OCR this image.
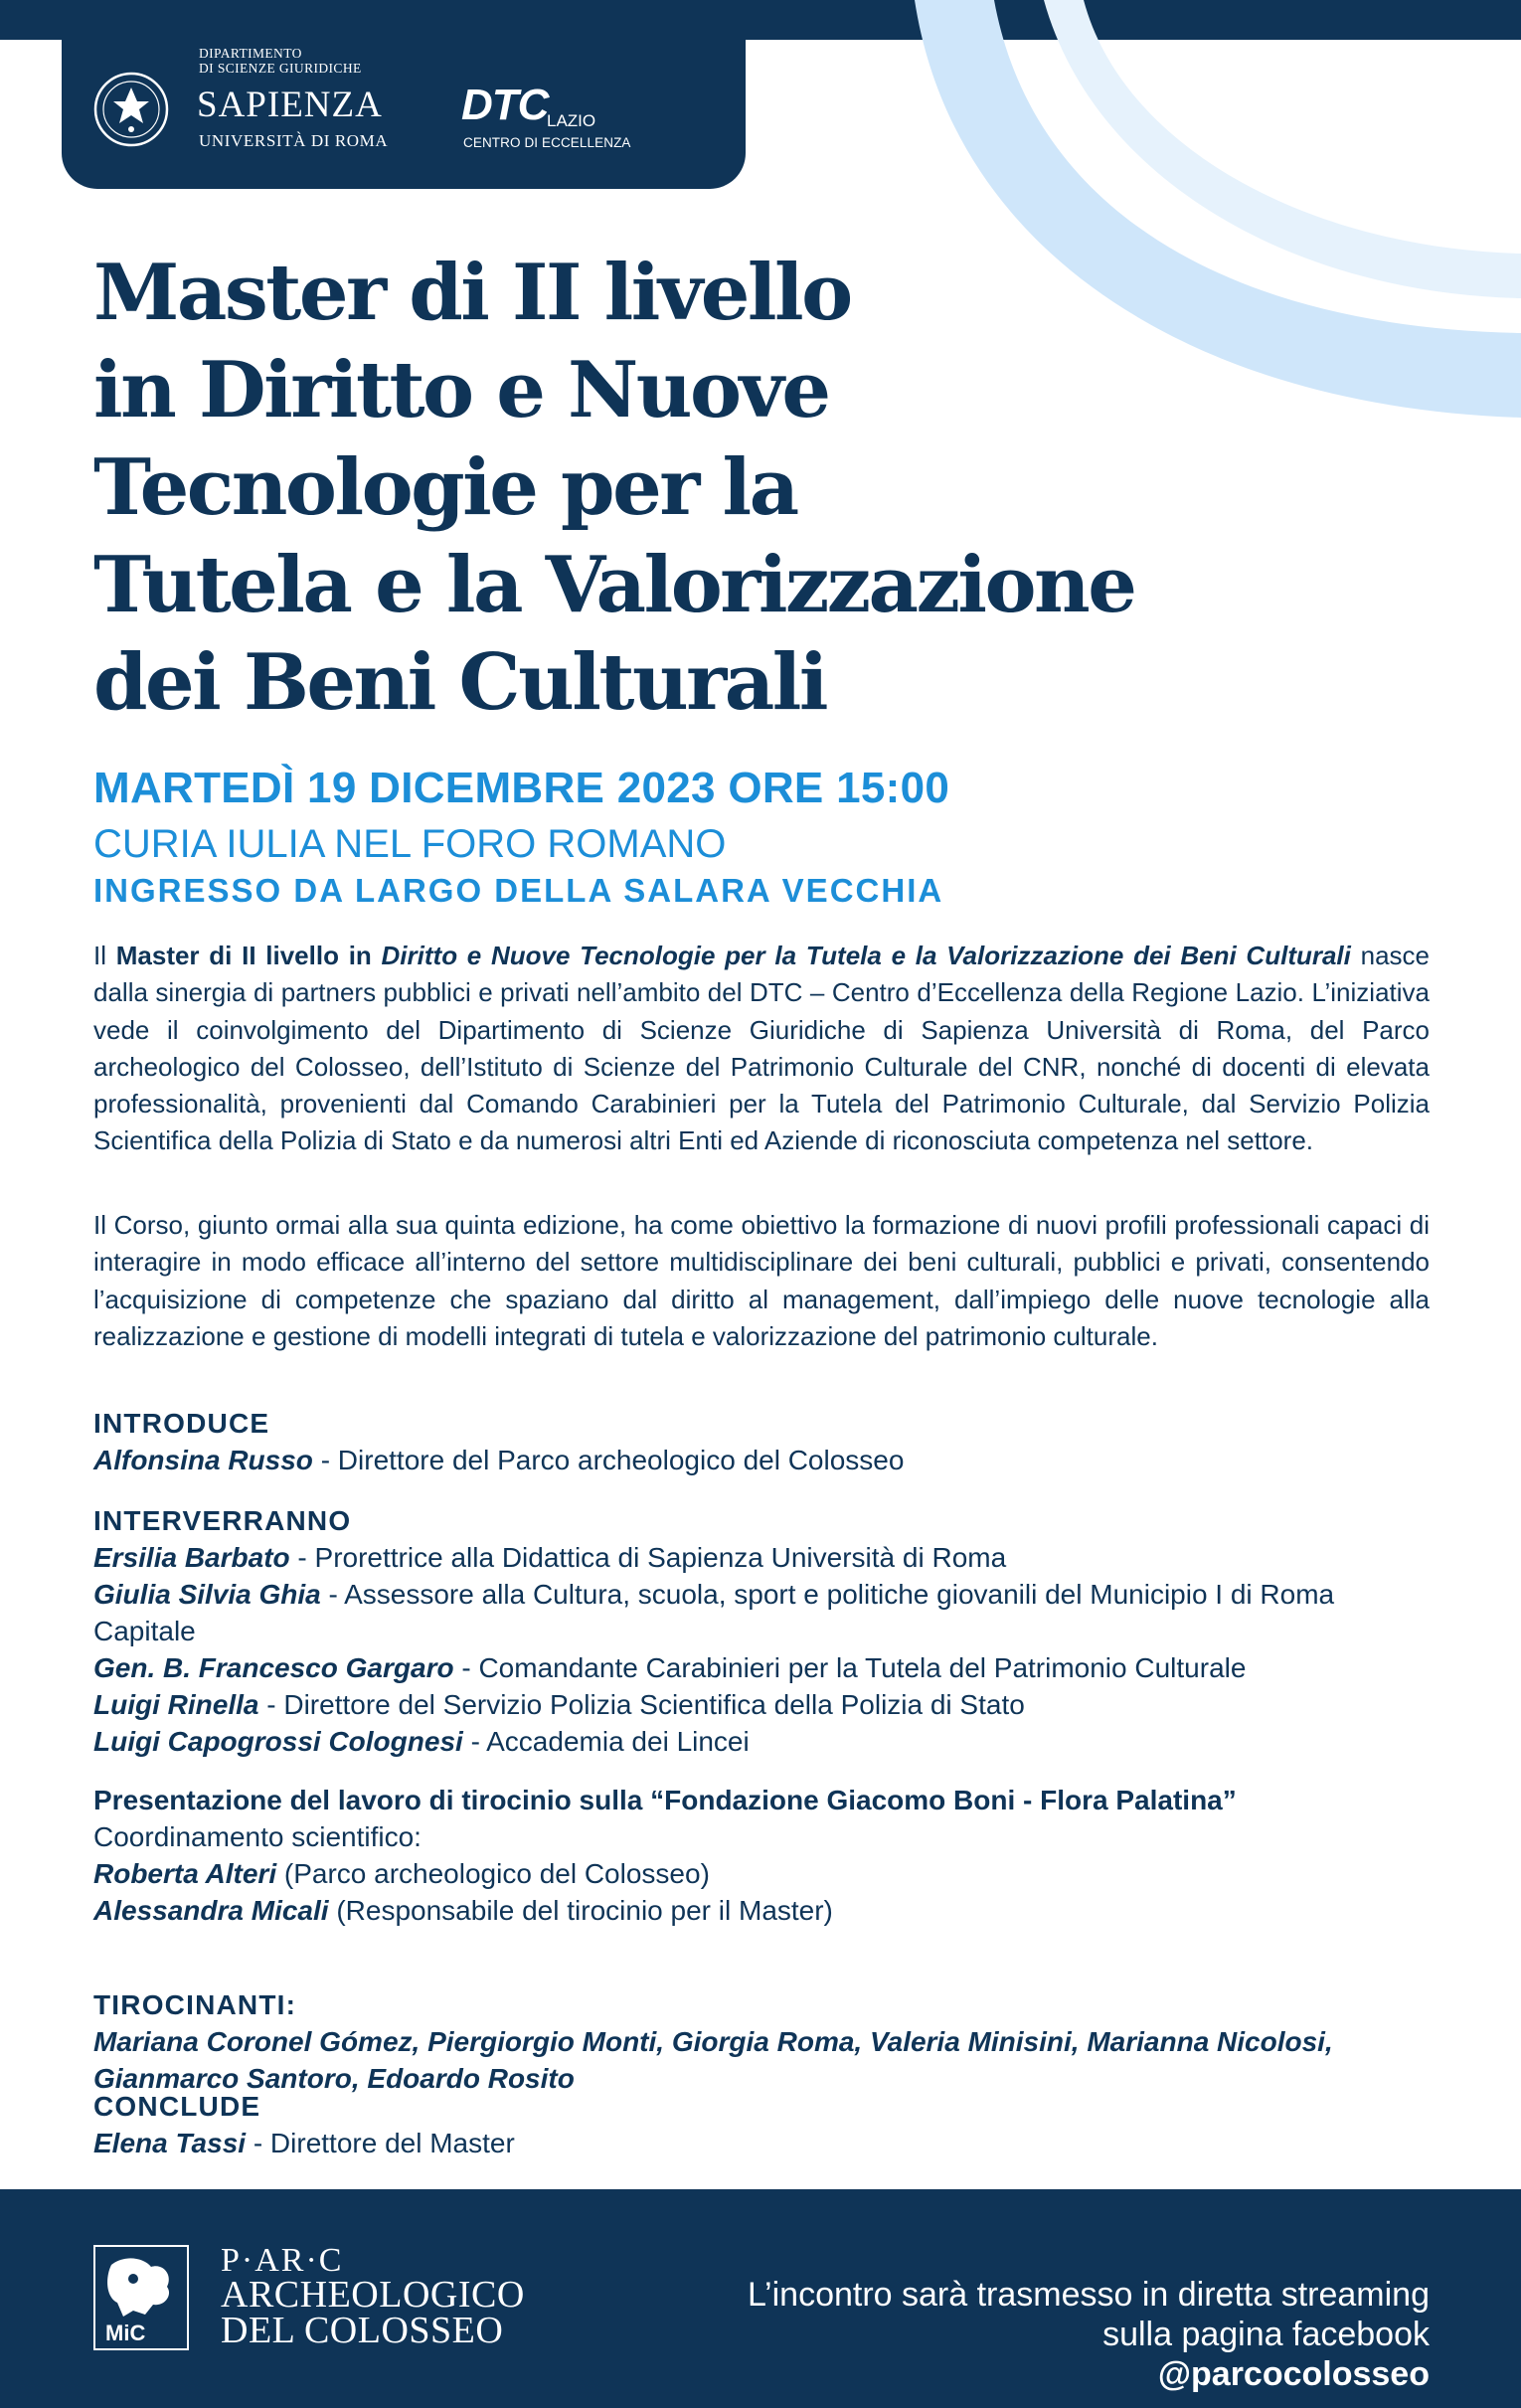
DIPARTIMENTO
DI SCIENZE GIURIDICHE
SAPIENZA
UNIVERSITÀ DI ROMA
DTC
LAZIO
CENTRO DI ECCELLENZA
Master di II livello
in Diritto e Nuove
Tecnologie per la
Tutela e la Valorizzazione
dei Beni Culturali
MARTEDÌ 19 DICEMBRE 2023 ORE 15:00
CURIA IULIA NEL FORO ROMANO
INGRESSO DA LARGO DELLA SALARA VECCHIA

Il Master di II livello in Diritto e Nuove Tecnologie per la Tutela e la Valorizzazione dei Beni Culturali nasce dalla sinergia di partners pubblici e privati nell’ambito del DTC – Centro d’Eccellenza della Regione Lazio. L’iniziativa vede il coinvolgimento del Dipartimento di Scienze Giuridiche di Sapienza Università di Roma, del Parco archeologico del Colosseo, dell’Istituto di Scienze del Patrimonio Culturale del CNR, nonché di docenti di elevata professionalità, provenienti dal Comando Carabinieri per la Tutela del Patrimonio Culturale, dal Servizio Polizia Scientifica della Polizia di Stato e da numerosi altri Enti ed Aziende di riconosciuta competenza nel settore.

Il Corso, giunto ormai alla sua quinta edizione, ha come obiettivo la formazione di nuovi profili professionali capaci di interagire in modo efficace all’interno del settore multidisciplinare dei beni culturali, pubblici e privati, consentendo l’acquisizione di competenze che spaziano dal diritto al management, dall’impiego delle nuove tecnologie alla realizzazione e gestione di modelli integrati di tutela e valorizzazione del patrimonio culturale.

INTRODUCE
Alfonsina Russo - Direttore del Parco archeologico del Colosseo
INTERVERRANNO
Ersilia Barbato - Prorettrice alla Didattica di Sapienza Università di Roma
Giulia Silvia Ghia - Assessore alla Cultura, scuola, sport e politiche giovanili del Municipio I di Roma Capitale
Gen. B. Francesco Gargaro - Comandante Carabinieri per la Tutela del Patrimonio Culturale
Luigi Rinella - Direttore del Servizio Polizia Scientifica della Polizia di Stato
Luigi Capogrossi Colognesi - Accademia dei Lincei
Presentazione del lavoro di tirocinio sulla “Fondazione Giacomo Boni - Flora Palatina”
Coordinamento scientifico:
Roberta Alteri (Parco archeologico del Colosseo)
Alessandra Micali (Responsabile del tirocinio per il Master)
TIROCINANTI:
Mariana Coronel Gómez, Piergiorgio Monti, Giorgia Roma, Valeria Minisini, Marianna Nicolosi, Gianmarco Santoro, Edoardo Rosito
CONCLUDE
Elena Tassi - Direttore del Master
MiC
P·AR·C
ARCHEOLOGICO
DEL COLOSSEO
L’incontro sarà trasmesso in diretta streaming
sulla pagina facebook
@parcocolosseo
